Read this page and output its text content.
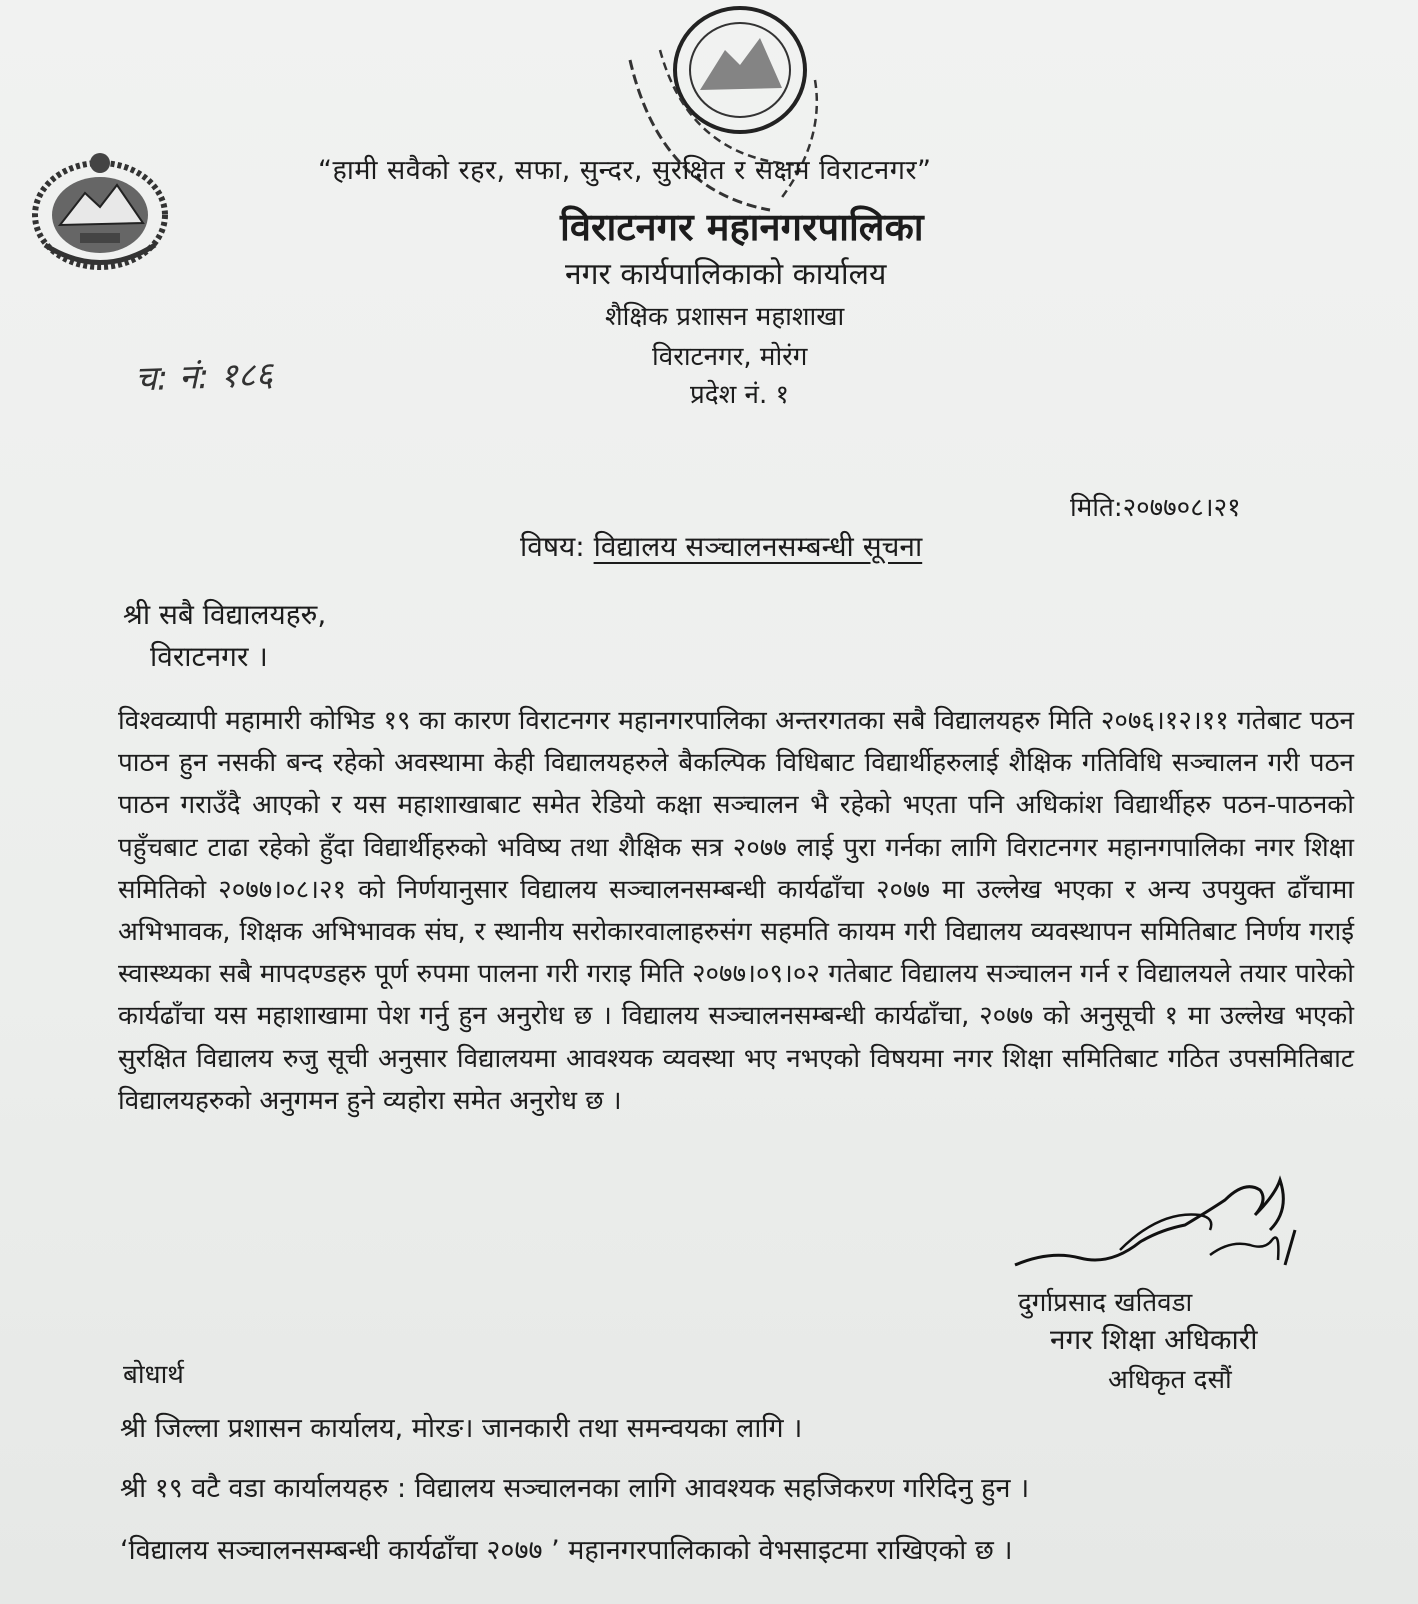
“हामी सवैको रहर, सफा, सुन्दर, सुरक्षित र सक्षम विराटनगर”
विराटनगर महानगरपालिका
नगर कार्यपालिकाको कार्यालय
शैक्षिक प्रशासन महाशाखा
विराटनगर, मोरंग
प्रदेश नं. १
च: नं: १८६
मिति:२०७७०८।२१
विषय: विद्यालय सञ्चालनसम्बन्धी सूचना
श्री सबै विद्यालयहरु,
विराटनगर ।
विश्वव्यापी महामारी कोभिड १९ का कारण विराटनगर महानगरपालिका अन्तरगतका सबै विद्यालयहरु मिति २०७६।१२।११ गतेबाट पठन पाठन हुन नसकी बन्द रहेको अवस्थामा केही विद्यालयहरुले बैकल्पिक विधिबाट विद्यार्थीहरुलाई शैक्षिक गतिविधि सञ्चालन गरी पठन पाठन गराउँदै आएको र यस महाशाखाबाट समेत रेडियो कक्षा सञ्चालन भै रहेको भएता पनि अधिकांश विद्यार्थीहरु पठन-पाठनको पहुँचबाट टाढा रहेको हुँदा विद्यार्थीहरुको भविष्य तथा शैक्षिक सत्र २०७७ लाई पुरा गर्नका लागि विराटनगर महानगपालिका नगर शिक्षा समितिको २०७७।०८।२१ को निर्णयानुसार विद्यालय सञ्चालनसम्बन्धी कार्यढाँचा २०७७ मा उल्लेख भएका र अन्य उपयुक्त ढाँचामा अभिभावक, शिक्षक अभिभावक संघ, र स्थानीय सरोकारवालाहरुसंग सहमति कायम गरी विद्यालय व्यवस्थापन समितिबाट निर्णय गराई स्वास्थ्यका सबै मापदण्डहरु पूर्ण रुपमा पालना गरी गराइ मिति २०७७।०९।०२ गतेबाट विद्यालय सञ्चालन गर्न र विद्यालयले तयार पारेको कार्यढाँचा यस महाशाखामा पेश गर्नु हुन अनुरोध छ । विद्यालय सञ्चालनसम्बन्धी कार्यढाँचा, २०७७ को अनुसूची १ मा उल्लेख भएको सुरक्षित विद्यालय रुजु सूची अनुसार विद्यालयमा आवश्यक व्यवस्था भए नभएको विषयमा नगर शिक्षा समितिबाट गठित उपसमितिबाट विद्यालयहरुको अनुगमन हुने व्यहोरा समेत अनुरोध छ ।
दुर्गाप्रसाद खतिवडा
नगर शिक्षा अधिकारी
अधिकृत दसौं
बोधार्थ
श्री जिल्ला प्रशासन कार्यालय, मोरङ। जानकारी तथा समन्वयका लागि ।
श्री १९ वटै वडा कार्यालयहरु : विद्यालय सञ्चालनका लागि आवश्यक सहजिकरण गरिदिनु हुन ।
‘विद्यालय सञ्चालनसम्बन्धी कार्यढाँचा २०७७ ’ महानगरपालिकाको वेभसाइटमा राखिएको छ ।
